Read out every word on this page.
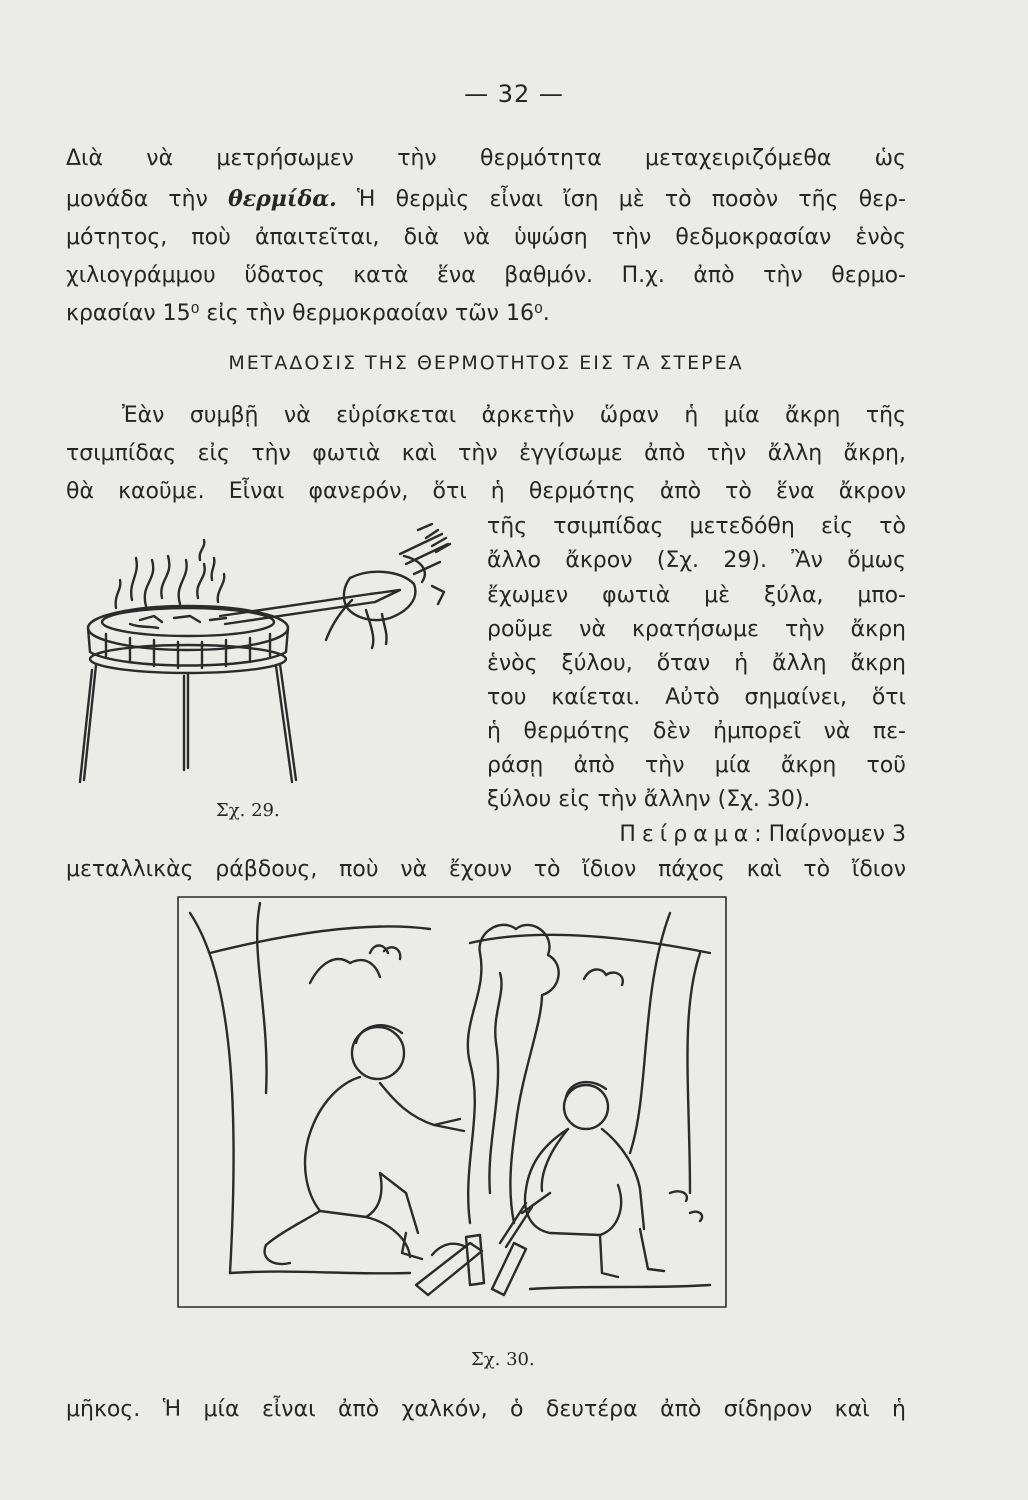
— 32 —
Διὰ νὰ μετρήσωμεν τὴν θερμότητα μεταχειριζόμεθα ὡς
μονάδα τὴν θερμίδα. Ἡ θερμὶς εἶναι ἴση μὲ τὸ ποσὸν τῆς θερ-
μότητος, ποὺ ἀπαιτεῖται, διὰ νὰ ὑψώση τὴν θεδμοκρασίαν ἑνὸς
χιλιογράμμου ὕδατος κατὰ ἕνα βαθμόν. Π.χ. ἀπὸ τὴν θερμο-
κρασίαν 15⁰ εἰς τὴν θερμοκραοίαν τῶν 16⁰.
ΜΕΤΑΔΟΣΙΣ ΤΗΣ ΘΕΡΜΟΤΗΤΟΣ ΕΙΣ ΤΑ ΣΤΕΡΕΑ
Ἐὰν συμβῇ νὰ εὑρίσκεται ἀρκετὴν ὥραν ἡ μία ἄκρη τῆς
τσιμπίδας εἰς τὴν φωτιὰ καὶ τὴν ἐγγίσωμε ἀπὸ τὴν ἄλλη ἄκρη,
θὰ καοῦμε. Εἶναι φανερόν, ὅτι ἡ θερμότης ἀπὸ τὸ ἕνα ἄκρον
τῆς τσιμπίδας μετεδόθη εἰς τὸ
ἄλλο ἄκρον (Σχ. 29). Ἂν ὅμως
ἔχωμεν φωτιὰ μὲ ξύλα, μπο-
ροῦμε νὰ κρατήσωμε τὴν ἄκρη
ἑνὸς ξύλου, ὅταν ἡ ἄλλη ἄκρη
του καίεται. Αὐτὸ σημαίνει, ὅτι
ἡ θερμότης δὲν ἠμπορεῖ νὰ πε-
ράσῃ ἀπὸ τὴν μία ἄκρη τοῦ
ξύλου εἰς τὴν ἄλλην (Σχ. 30).
Πείραμα: Παίρνομεν 3
μεταλλικὰς ράβδους, ποὺ νὰ ἔχουν τὸ ἴδιον πάχος καὶ τὸ ἴδιον
Σχ. 29.
Σχ. 30.
μῆκος. Ἡ μία εἶναι ἀπὸ χαλκόν, ὁ δευτέρα ἀπὸ σίδηρον καὶ ἡ
